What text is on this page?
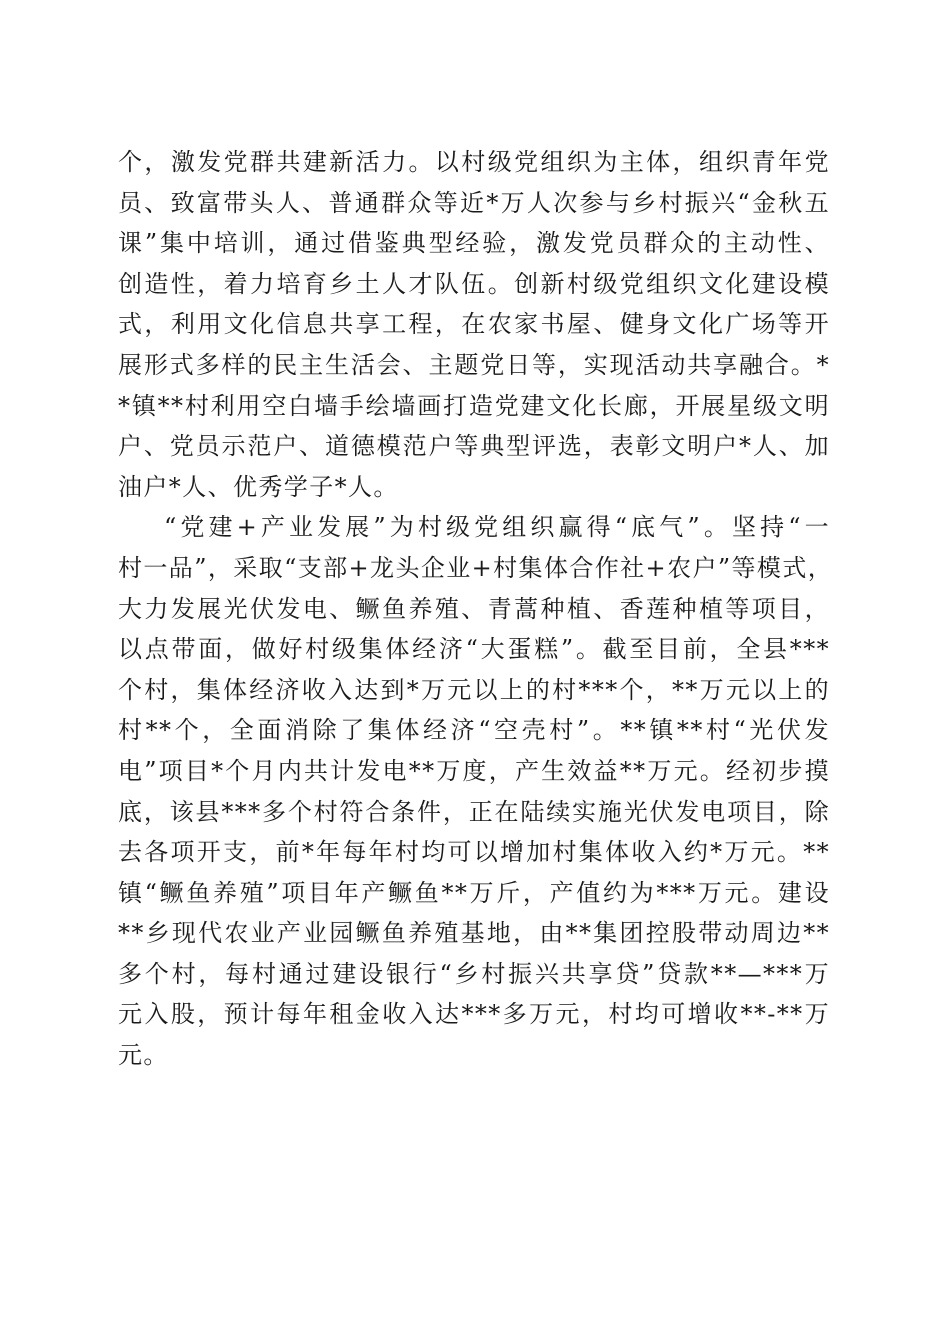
个，激发党群共建新活力。以村级党组织为主体，组织青年党
员、致富带头人、普通群众等近*万人次参与乡村振兴“金秋五
课”集中培训，通过借鉴典型经验，激发党员群众的主动性、
创造性，着力培育乡土人才队伍。创新村级党组织文化建设模
式，利用文化信息共享工程，在农家书屋、健身文化广场等开
展形式多样的民主生活会、主题党日等，实现活动共享融合。*
*镇**村利用空白墙手绘墙画打造党建文化长廊，开展星级文明
户、党员示范户、道德模范户等典型评选，表彰文明户*人、加
油户*人、优秀学子*人。
“党建+产业发展”为村级党组织赢得“底气”。坚持“一
村一品”，采取“支部+龙头企业+村集体合作社+农户”等模式，
大力发展光伏发电、鳜鱼养殖、青蒿种植、香莲种植等项目，
以点带面，做好村级集体经济“大蛋糕”。截至目前，全县***
个村，集体经济收入达到*万元以上的村***个，**万元以上的
村**个，全面消除了集体经济“空壳村”。**镇**村“光伏发
电”项目*个月内共计发电**万度，产生效益**万元。经初步摸
底，该县***多个村符合条件，正在陆续实施光伏发电项目，除
去各项开支，前*年每年村均可以增加村集体收入约*万元。**
镇“鳜鱼养殖”项目年产鳜鱼**万斤，产值约为***万元。建设
**乡现代农业产业园鳜鱼养殖基地，由**集团控股带动周边**
多个村，每村通过建设银行“乡村振兴共享贷”贷款**—***万
元入股，预计每年租金收入达***多万元，村均可增收**-**万
元。
